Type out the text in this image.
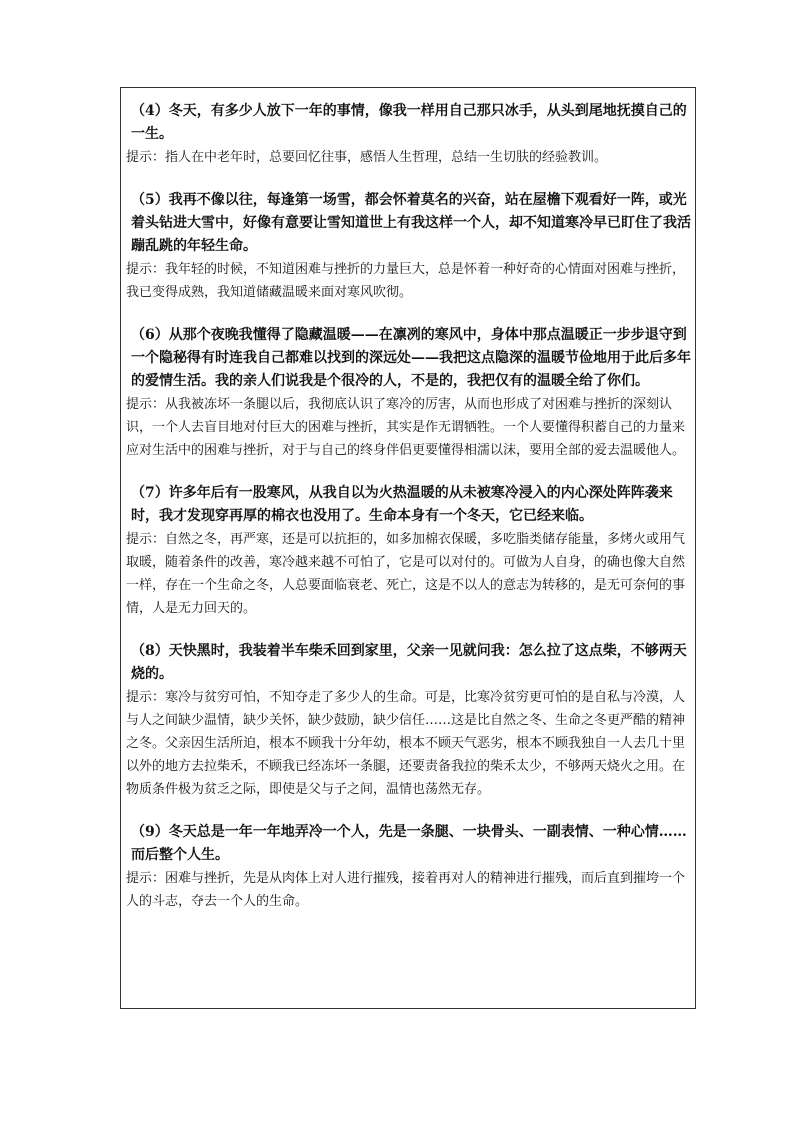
（4）冬天，有多少人放下一年的事情，像我一样用自己那只冰手，从头到尾地抚摸自己的一生。

提示：指人在中老年时，总要回忆往事，感悟人生哲理，总结一生切肤的经验教训。

（5）我再不像以往，每逢第一场雪，都会怀着莫名的兴奋，站在屋檐下观看好一阵，或光着头钻进大雪中，好像有意要让雪知道世上有我这样一个人，却不知道寒冷早已盯住了我活蹦乱跳的年轻生命。

提示：我年轻的时候，不知道困难与挫折的力量巨大，总是怀着一种好奇的心情面对困难与挫折，我已变得成熟，我知道储藏温暖来面对寒风吹彻。

（6）从那个夜晚我懂得了隐藏温暖——在凛冽的寒风中，身体中那点温暖正一步步退守到一个隐秘得有时连我自己都难以找到的深远处——我把这点隐深的温暖节俭地用于此后多年的爱情生活。我的亲人们说我是个很冷的人，不是的，我把仅有的温暖全给了你们。

提示：从我被冻坏一条腿以后，我彻底认识了寒冷的厉害，从而也形成了对困难与挫折的深刻认识，一个人去盲目地对付巨大的困难与挫折，其实是作无谓牺牲。一个人要懂得积蓄自己的力量来应对生活中的困难与挫折，对于与自己的终身伴侣更要懂得相濡以沫，要用全部的爱去温暖他人。

（7）许多年后有一股寒风，从我自以为火热温暖的从未被寒冷浸入的内心深处阵阵袭来时，我才发现穿再厚的棉衣也没用了。生命本身有一个冬天，它已经来临。

提示：自然之冬，再严寒，还是可以抗拒的，如多加棉衣保暖，多吃脂类储存能量，多烤火或用气取暖，随着条件的改善，寒冷越来越不可怕了，它是可以对付的。可做为人自身，的确也像大自然一样，存在一个生命之冬，人总要面临衰老、死亡，这是不以人的意志为转移的，是无可奈何的事情，人是无力回天的。

（8）天快黑时，我装着半车柴禾回到家里，父亲一见就问我：怎么拉了这点柴，不够两天烧的。

提示：寒冷与贫穷可怕，不知夺走了多少人的生命。可是，比寒冷贫穷更可怕的是自私与冷漠，人与人之间缺少温情，缺少关怀，缺少鼓励，缺少信任……这是比自然之冬、生命之冬更严酷的精神之冬。父亲因生活所迫，根本不顾我十分年幼，根本不顾天气恶劣，根本不顾我独自一人去几十里以外的地方去拉柴禾，不顾我已经冻坏一条腿，还要责备我拉的柴禾太少，不够两天烧火之用。在物质条件极为贫乏之际，即使是父与子之间，温情也荡然无存。

（9）冬天总是一年一年地弄冷一个人，先是一条腿、一块骨头、一副表情、一种心情……而后整个人生。

提示：困难与挫折，先是从肉体上对人进行摧残，接着再对人的精神进行摧残，而后直到摧垮一个人的斗志，夺去一个人的生命。
